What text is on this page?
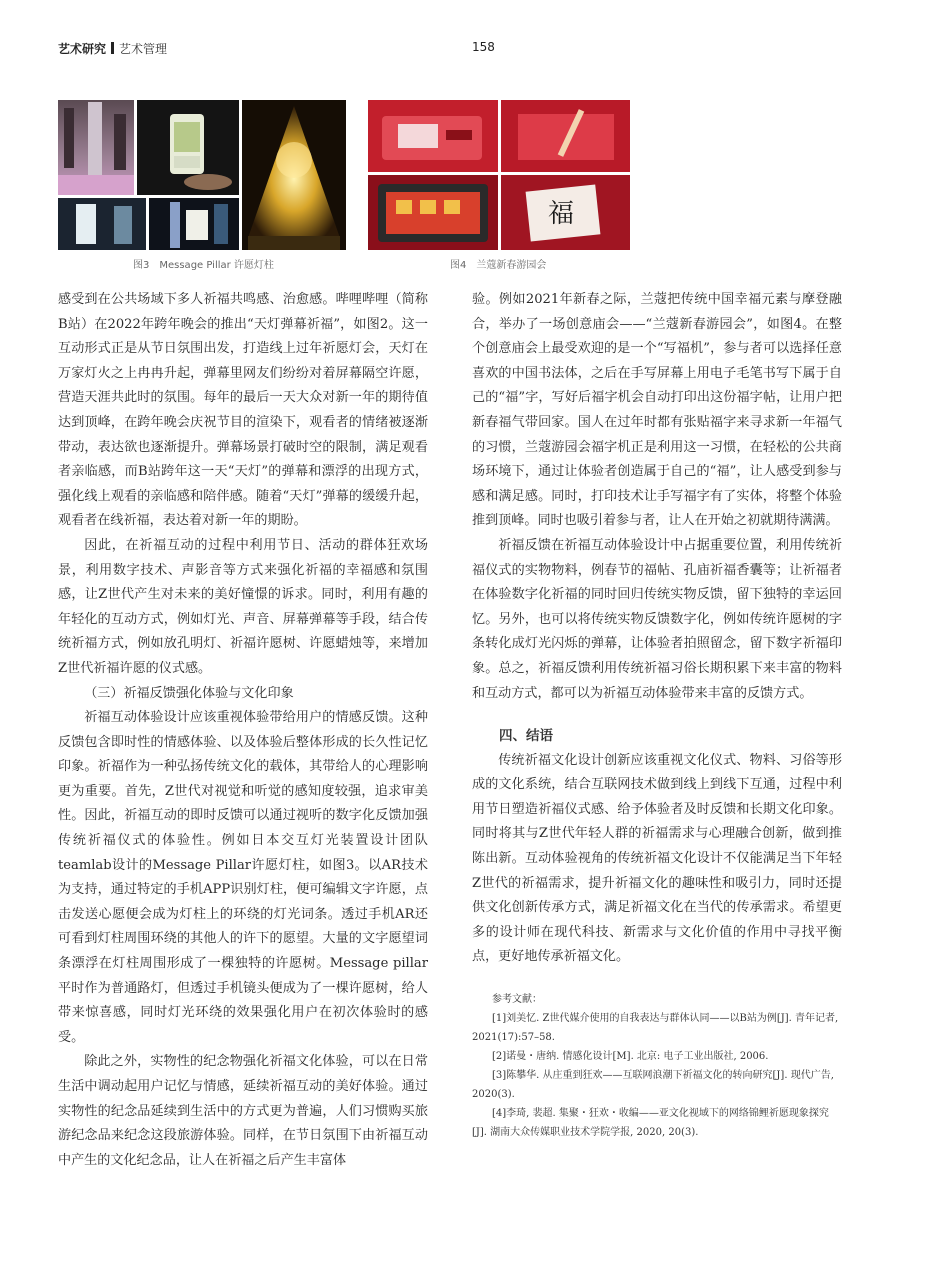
艺术研究 艺术管理	158
福
图3　Message Pillar 许愿灯柱	图4　兰蔻新春游园会

感受到在公共场域下多人祈福共鸣感、治愈感。哔哩哔哩（简称B站）在2022年跨年晚会的推出“天灯弹幕祈福”，如图2。这一互动形式正是从节日氛围出发，打造线上过年祈愿灯会，天灯在万家灯火之上冉冉升起，弹幕里网友们纷纷对着屏幕隔空许愿，营造天涯共此时的氛围。每年的最后一天大众对新一年的期待值达到顶峰，在跨年晚会庆祝节目的渲染下，观看者的情绪被逐渐带动，表达欲也逐渐提升。弹幕场景打破时空的限制，满足观看者亲临感，而B站跨年这一天“天灯”的弹幕和漂浮的出现方式，强化线上观看的亲临感和陪伴感。随着“天灯”弹幕的缓缓升起，观看者在线祈福，表达着对新一年的期盼。

因此，在祈福互动的过程中利用节日、活动的群体狂欢场景，利用数字技术、声影音等方式来强化祈福的幸福感和氛围感，让Z世代产生对未来的美好憧憬的诉求。同时，利用有趣的年轻化的互动方式，例如灯光、声音、屏幕弹幕等手段，结合传统祈福方式，例如放孔明灯、祈福许愿树、许愿蜡烛等，来增加Z世代祈福许愿的仪式感。

（三）祈福反馈强化体验与文化印象

祈福互动体验设计应该重视体验带给用户的情感反馈。这种反馈包含即时性的情感体验、以及体验后整体形成的长久性记忆印象。祈福作为一种弘扬传统文化的载体，其带给人的心理影响更为重要。首先，Z世代对视觉和听觉的感知度较强，追求审美性。因此，祈福互动的即时反馈可以通过视听的数字化反馈加强传统祈福仪式的体验性。例如日本交互灯光装置设计团队teamlab设计的Message Pillar许愿灯柱，如图3。以AR技术为支持，通过特定的手机APP识别灯柱，便可编辑文字许愿，点击发送心愿便会成为灯柱上的环绕的灯光词条。透过手机AR还可看到灯柱周围环绕的其他人的许下的愿望。大量的文字愿望词条漂浮在灯柱周围形成了一棵独特的许愿树。Message pillar平时作为普通路灯，但透过手机镜头便成为了一棵许愿树，给人带来惊喜感，同时灯光环绕的效果强化用户在初次体验时的感受。

除此之外，实物性的纪念物强化祈福文化体验，可以在日常生活中调动起用户记忆与情感，延续祈福互动的美好体验。通过实物性的纪念品延续到生活中的方式更为普遍，人们习惯购买旅游纪念品来纪念这段旅游体验。同样，在节日氛围下由祈福互动中产生的文化纪念品，让人在祈福之后产生丰富体

验。例如2021年新春之际，兰蔻把传统中国幸福元素与摩登融合，举办了一场创意庙会——“兰蔻新春游园会”，如图4。在整个创意庙会上最受欢迎的是一个“写福机”，参与者可以选择任意喜欢的中国书法体，之后在手写屏幕上用电子毛笔书写下属于自己的“福”字，写好后福字机会自动打印出这份福字帖，让用户把新春福气带回家。国人在过年时都有张贴福字来寻求新一年福气的习惯，兰蔻游园会福字机正是利用这一习惯，在轻松的公共商场环境下，通过让体验者创造属于自己的“福”，让人感受到参与感和满足感。同时，打印技术让手写福字有了实体，将整个体验推到顶峰。同时也吸引着参与者，让人在开始之初就期待满满。

祈福反馈在祈福互动体验设计中占据重要位置，利用传统祈福仪式的实物物料，例春节的福帖、孔庙祈福香囊等；让祈福者在体验数字化祈福的同时回归传统实物反馈，留下独特的幸运回忆。另外，也可以将传统实物反馈数字化，例如传统许愿树的字条转化成灯光闪烁的弹幕，让体验者拍照留念，留下数字祈福印象。总之，祈福反馈利用传统祈福习俗长期积累下来丰富的物料和互动方式，都可以为祈福互动体验带来丰富的反馈方式。

四、结语

传统祈福文化设计创新应该重视文化仪式、物料、习俗等形成的文化系统，结合互联网技术做到线上到线下互通，过程中利用节日塑造祈福仪式感、给予体验者及时反馈和长期文化印象。同时将其与Z世代年轻人群的祈福需求与心理融合创新，做到推陈出新。互动体验视角的传统祈福文化设计不仅能满足当下年轻Z世代的祈福需求，提升祈福文化的趣味性和吸引力，同时还提供文化创新传承方式，满足祈福文化在当代的传承需求。希望更多的设计师在现代科技、新需求与文化价值的作用中寻找平衡点，更好地传承祈福文化。

参考文献：

[1]刘美忆. Z世代媒介使用的自我表达与群体认同——以B站为例[J]. 青年记者, 2021(17):57–58.

[2]诺曼・唐纳. 情感化设计[M]. 北京: 电子工业出版社, 2006.

[3]陈攀华. 从庄重到狂欢——互联网浪潮下祈福文化的转向研究[J]. 现代广告, 2020(3).

[4]李琦, 裴超. 集聚・狂欢・收编——亚文化视域下的网络锦鲤祈愿现象探究[J]. 湖南大众传媒职业技术学院学报, 2020, 20(3).
